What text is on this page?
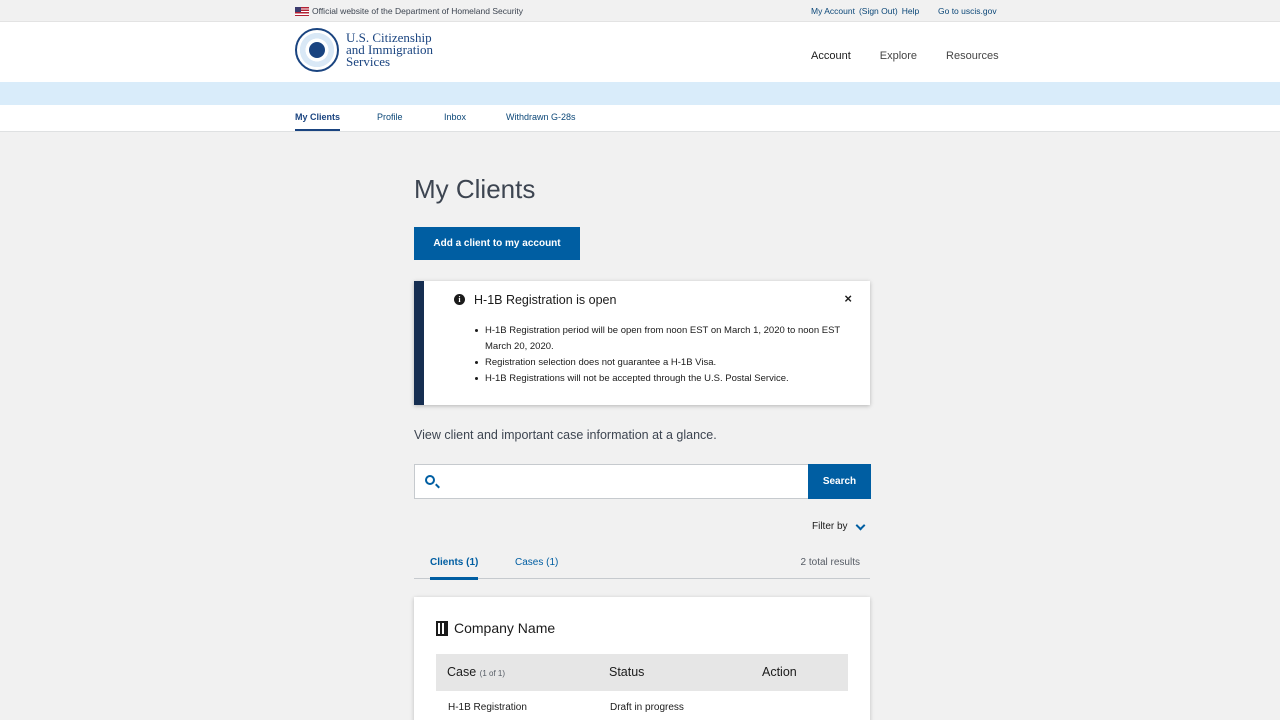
Official website of the Department of Homeland Security	My Account (Sign Out) Help Go to uscis.gov
U.S. Citizenship
and Immigration
Services	Account	Explore	Resources
My Clients	Profile	Inbox	Withdrawn G-28s
My Clients
Add a client to my account
i	H-1B Registration is open	×
H-1B Registration period will be open from noon EST on March 1, 2020 to noon EST March 20, 2020.
Registration selection does not guarantee a H-1B Visa.
H-1B Registrations will not be accepted through the U.S. Postal Service.

View client and important case information at a glance.

Search
Filter by
Clients (1)	Cases (1)	2 total results
Company Name
Case (1 of 1)	Status	Action
H-1B Registration	Draft in progress
